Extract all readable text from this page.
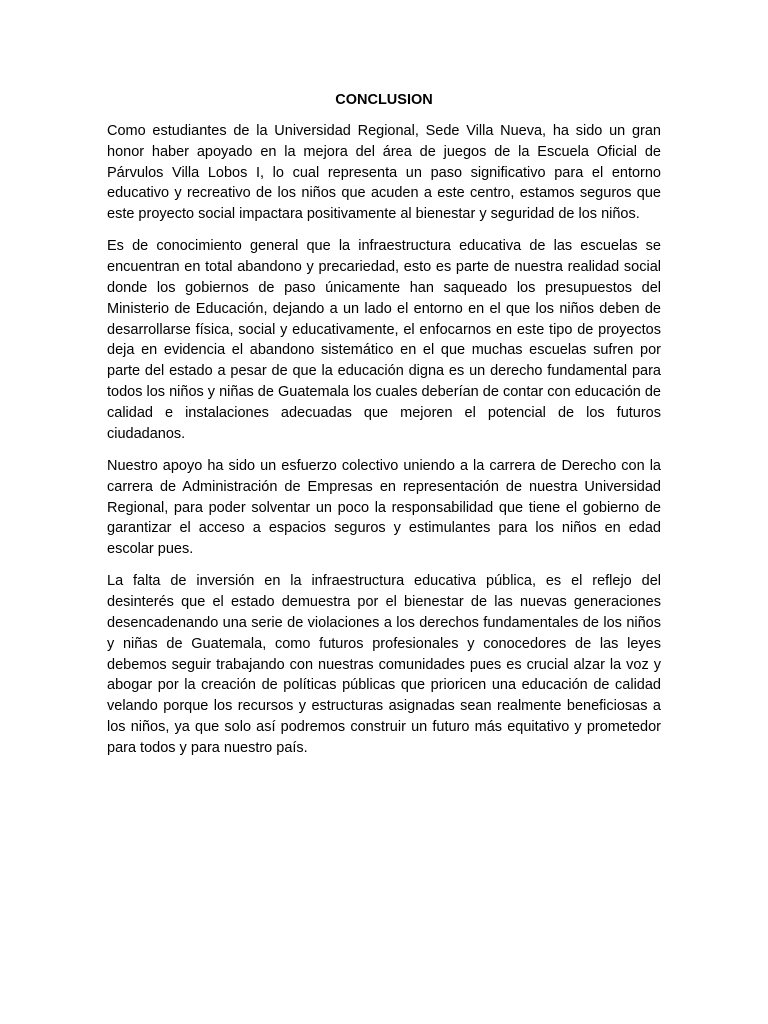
CONCLUSION

Como estudiantes de la Universidad Regional, Sede Villa Nueva, ha sido un gran honor haber apoyado en la mejora del área de juegos de la Escuela Oficial de Párvulos Villa Lobos I, lo cual representa un paso significativo para el entorno educativo y recreativo de los niños que acuden a este centro, estamos seguros que este proyecto social impactara positivamente al bienestar y seguridad de los niños.

Es de conocimiento general que la infraestructura educativa de las escuelas se encuentran en total abandono y precariedad, esto es parte de nuestra realidad social donde los gobiernos de paso únicamente han saqueado los presupuestos del Ministerio de Educación, dejando a un lado el entorno en el que los niños deben de desarrollarse física, social y educativamente, el enfocarnos en este tipo de proyectos deja en evidencia el abandono sistemático en el que muchas escuelas sufren por parte del estado a pesar de que la educación digna es un derecho fundamental para todos los niños y niñas de Guatemala los cuales deberían de contar con educación de calidad e instalaciones adecuadas que mejoren el potencial de los futuros ciudadanos.

Nuestro apoyo ha sido un esfuerzo colectivo uniendo a la carrera de Derecho con la carrera de Administración de Empresas en representación de nuestra Universidad Regional, para poder solventar un poco la responsabilidad que tiene el gobierno de garantizar el acceso a espacios seguros y estimulantes para los niños en edad escolar pues.

La falta de inversión en la infraestructura educativa pública, es el reflejo del desinterés que el estado demuestra por el bienestar de las nuevas generaciones desencadenando una serie de violaciones a los derechos fundamentales de los niños y niñas de Guatemala, como futuros profesionales y conocedores de las leyes debemos seguir trabajando con nuestras comunidades pues es crucial alzar la voz y abogar por la creación de políticas públicas que prioricen una educación de calidad velando porque los recursos y estructuras asignadas sean realmente beneficiosas a los niños, ya que solo así podremos construir un futuro más equitativo y prometedor para todos y para nuestro país.
